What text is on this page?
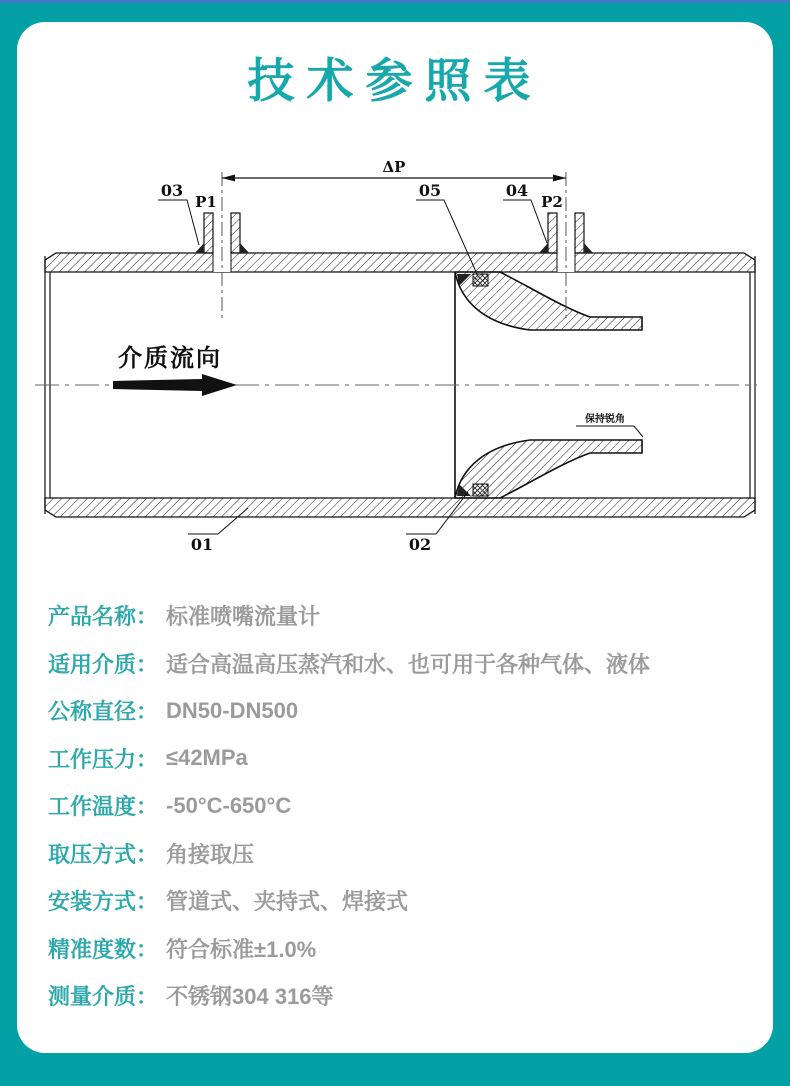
技术参照表
ΔP
03	05	04
01	02
P1	P2
介质流向
保持锐角
产品名称： 标准喷嘴流量计
适用介质： 适合高温高压蒸汽和水、也可用于各种气体、液体
公称直径： DN50-DN500
工作压力： ≤42MPa
工作温度： -50°C-650°C
取压方式： 角接取压
安装方式： 管道式、夹持式、焊接式
精准度数： 符合标准±1.0%
测量介质： 不锈钢304 316等
